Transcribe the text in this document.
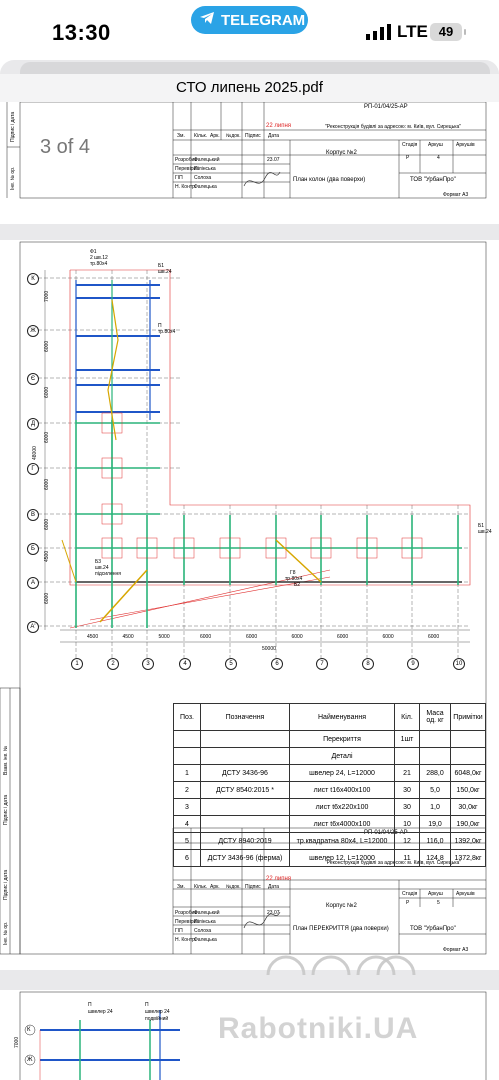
13:30	TELEGRAM
LTE 49
СТО липень 2025.pdf
Підпис і дата
Інв. № ор.
3 of 4
РП-01/04/25-АР
22 липня	"Реконструкція будівлі за адресою: м. Київ, вул. Сирецька"
Зм. Кільк. Арк. №док. Підпис Дата
Розробив
Перевірив
ГІП
Н. Контр.
Фалецький
Пілінська
Солоха
Фалецька
23.07
Корпус №2
Стадія Аркуш	Аркушів
Р	4
План колон (два поверхи)	ТОВ "УрбанПро"
Формат А3
К
Ж
Є
Д
Г
В
Б
А
А'
1	2	3	4	5	6	7	8	9	10
7000
6000
6000
6000
6000
6000
4500
6000
48000
4500	4500	5000	6000	6000	6000	6000	6000	6000
50000
Б1
шв.24
П
тр.80х4
Ф1
2 шв.12
тр.80х4
Б3
шв.24
підсилення
Б2
Г8
тр.80х4
Б1
шв.24
Підпис і дата
Взам. інв. №
Підпис і дата
Інв. № ор.
РП-01/04/25-АР
22 липня
"Реконструкція будівлі за адресою: м. Київ, вул. Сирецька"
Зм. Кільк. Арк. №док. Підпис Дата
Розробив
Перевірив
ГІП
Н. Контр.
Фалецький
Пілінська
Солоха
Фалецька
23.07
Корпус №2
Стадія Аркуш	Аркушів
Р	5
План ПЕРЕКРИТТЯ (два поверхи)	ТОВ "УрбанПро"
Формат А3
Поз.	Позначення	Найменування	Кіл.	Маса од. кг	Примітки
		Перекриття	1шт		
		Деталі			
1	ДСТУ 3436-96	швелер 24, L=12000	21	288,0	6048,0кг
2	ДСТУ 8540:2015 *	лист t16х400х100	30	5,0	150,0кг
3		лист t6х220х100	30	1,0	30,0кг
4		лист t6х4000х100	10	19,0	190,0кг
5	ДСТУ 8940:2019	тр.квадратна 80х4, L=12000	12	116,0	1392,0кг
6	ДСТУ 3436-96 (ферма)	швелер 12, L=12000	11	124,8	1372,8кг
П
швелер 24
П
швелер 24
подвійний
К
Ж
7000	Rabotniki.UA
